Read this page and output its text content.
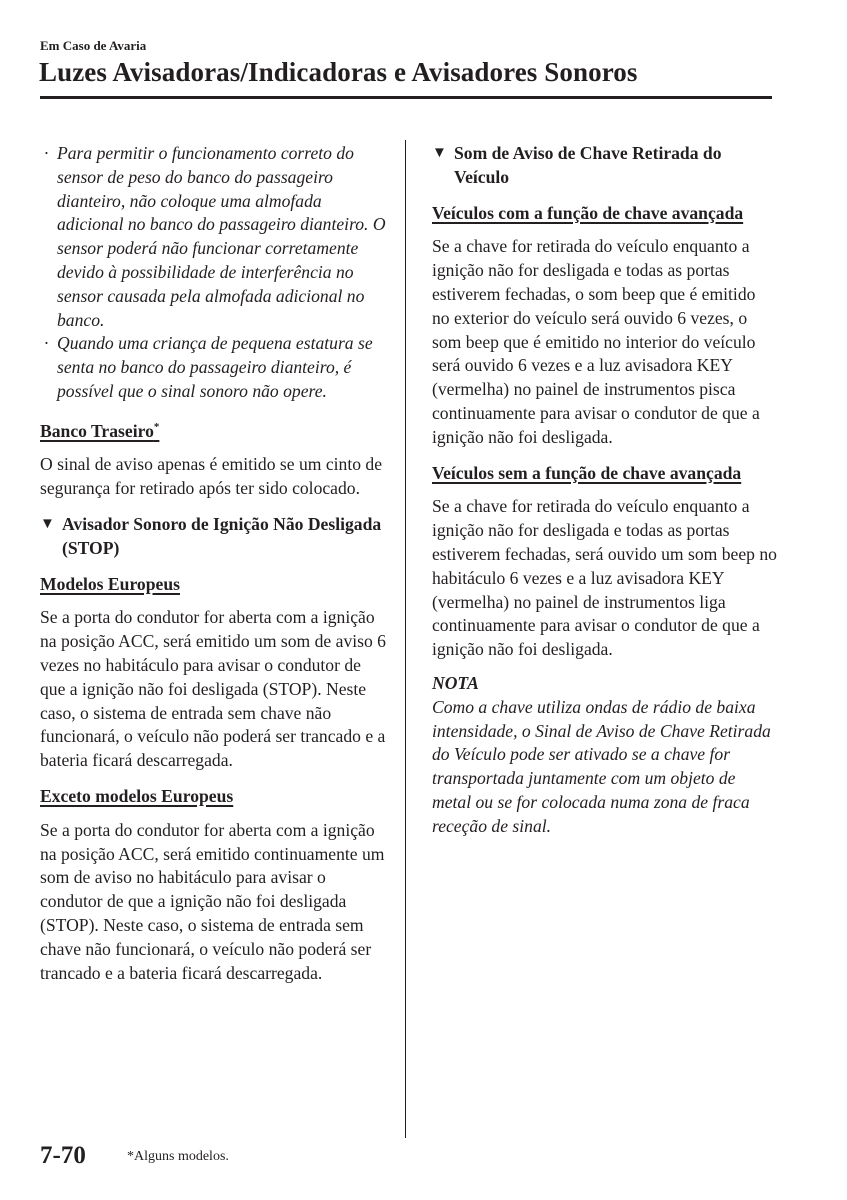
Em Caso de Avaria
Luzes Avisadoras/Indicadoras e Avisadores Sonoros

· Para permitir o funcionamento correto do sensor de peso do banco do passageiro dianteiro, não coloque uma almofada adicional no banco do passageiro dianteiro. O sensor poderá não funcionar corretamente devido à possibilidade de interferência no sensor causada pela almofada adicional no banco.

· Quando uma criança de pequena estatura se senta no banco do passageiro dianteiro, é possível que o sinal sonoro não opere.

Banco Traseiro*

O sinal de aviso apenas é emitido se um cinto de segurança for retirado após ter sido colocado.

▼ Avisador Sonoro de Ignição Não Desligada (STOP)

Modelos Europeus

Se a porta do condutor for aberta com a ignição na posição ACC, será emitido um som de aviso 6 vezes no habitáculo para avisar o condutor de que a ignição não foi desligada (STOP). Neste caso, o sistema de entrada sem chave não funcionará, o veículo não poderá ser trancado e a bateria ficará descarregada.

Exceto modelos Europeus

Se a porta do condutor for aberta com a ignição na posição ACC, será emitido continuamente um som de aviso no habitáculo para avisar o condutor de que a ignição não foi desligada (STOP). Neste caso, o sistema de entrada sem chave não funcionará, o veículo não poderá ser trancado e a bateria ficará descarregada.

▼ Som de Aviso de Chave Retirada do Veículo

Veículos com a função de chave avançada

Se a chave for retirada do veículo enquanto a ignição não for desligada e todas as portas estiverem fechadas, o som beep que é emitido no exterior do veículo será ouvido 6 vezes, o som beep que é emitido no interior do veículo será ouvido 6 vezes e a luz avisadora KEY (vermelha) no painel de instrumentos pisca continuamente para avisar o condutor de que a ignição não foi desligada.

Veículos sem a função de chave avançada

Se a chave for retirada do veículo enquanto a ignição não for desligada e todas as portas estiverem fechadas, será ouvido um som beep no habitáculo 6 vezes e a luz avisadora KEY (vermelha) no painel de instrumentos liga continuamente para avisar o condutor de que a ignição não foi desligada.

NOTA

Como a chave utiliza ondas de rádio de baixa intensidade, o Sinal de Aviso de Chave Retirada do Veículo pode ser ativado se a chave for transportada juntamente com um objeto de metal ou se for colocada numa zona de fraca receção de sinal.

7-70	*Alguns modelos.
